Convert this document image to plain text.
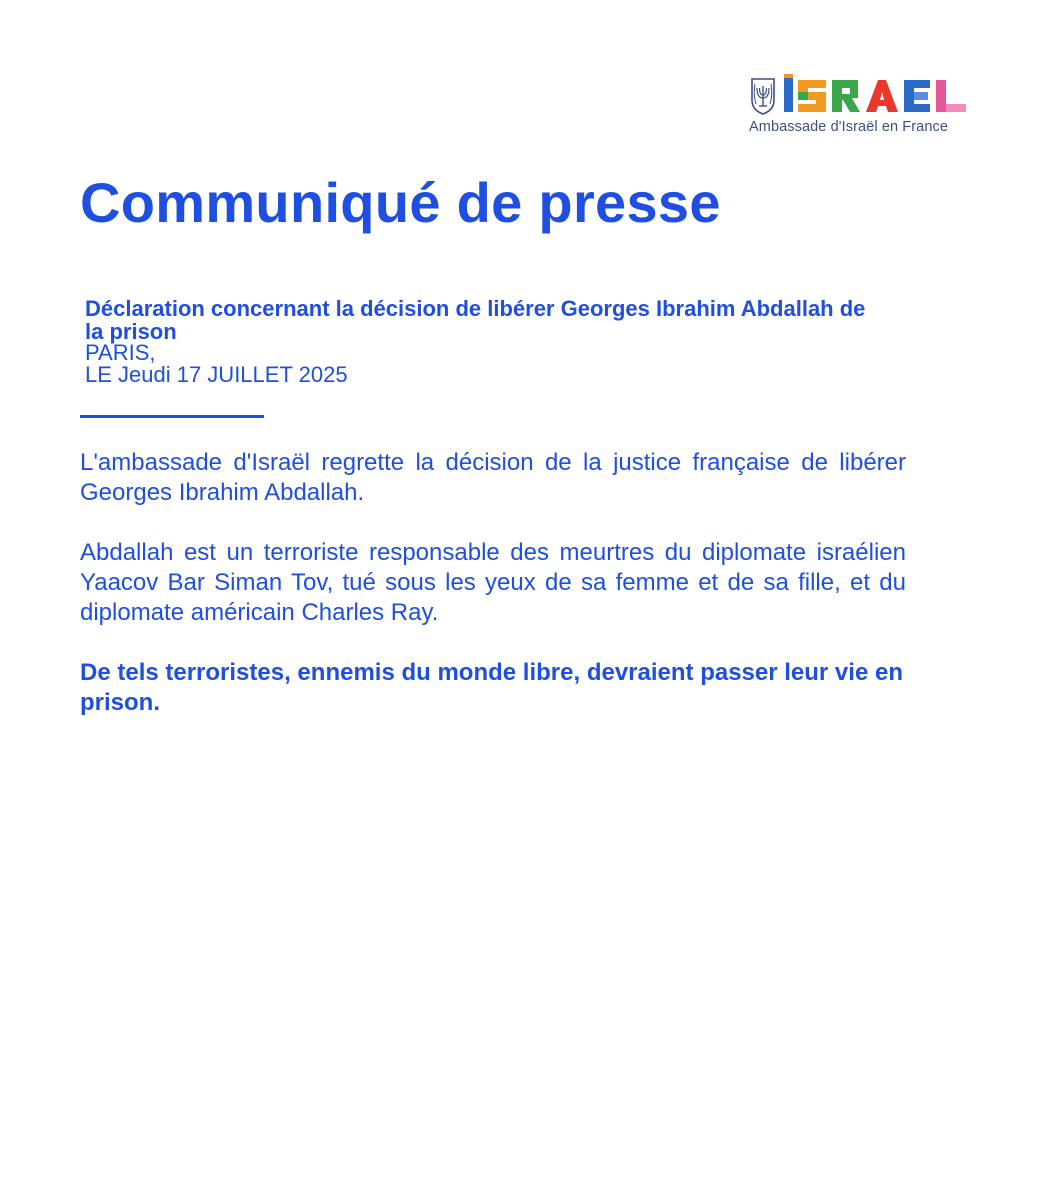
Ambassade d'Israël en France
Communiqué de presse
Déclaration concernant la décision de libérer Georges Ibrahim Abdallah de la prison
PARIS,
LE Jeudi 17 JUILLET 2025

L'ambassade d'Israël regrette la décision de la justice française de libérer Georges Ibrahim Abdallah.

Abdallah est un terroriste responsable des meurtres du diplomate israélien Yaacov Bar Siman Tov, tué sous les yeux de sa femme et de sa fille, et du diplomate américain Charles Ray.

De tels terroristes, ennemis du monde libre, devraient passer leur vie en prison.
